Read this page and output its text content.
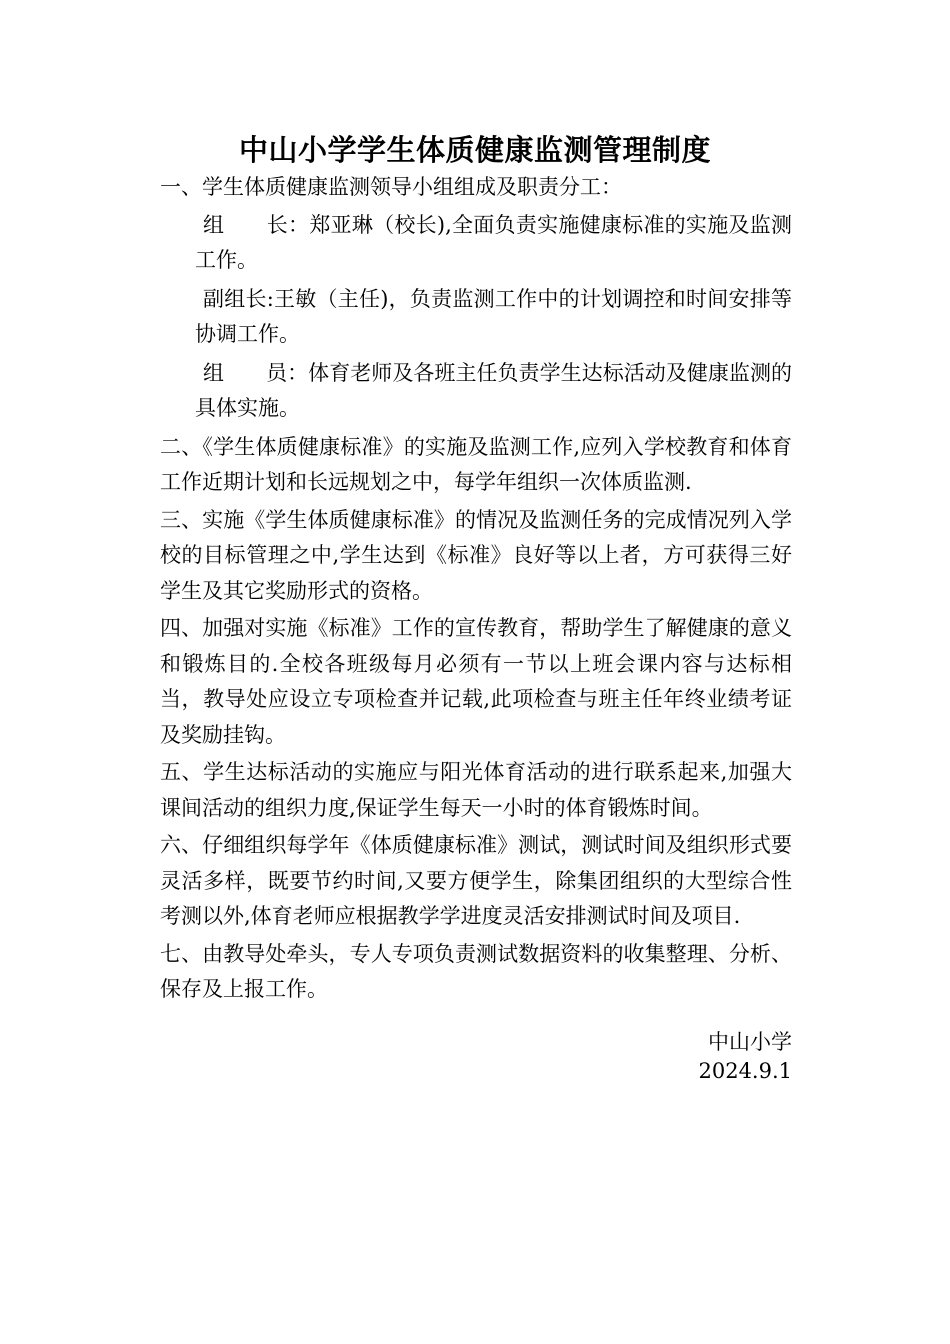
中山小学学生体质健康监测管理制度

一、学生体质健康监测领导小组组成及职责分工：

组　　长：郑亚琳（校长),全面负责实施健康标准的实施及监测工作。

副组长:王敏（主任)，负责监测工作中的计划调控和时间安排等协调工作。

组　　员：体育老师及各班主任负责学生达标活动及健康监测的具体实施。

二、《学生体质健康标准》的实施及监测工作,应列入学校教育和体育工作近期计划和长远规划之中，每学年组织一次体质监测.

三、实施《学生体质健康标准》的情况及监测任务的完成情况列入学校的目标管理之中,学生达到《标准》良好等以上者，方可获得三好学生及其它奖励形式的资格。

四、加强对实施《标准》工作的宣传教育，帮助学生了解健康的意义和锻炼目的.全校各班级每月必须有一节以上班会课内容与达标相当，教导处应设立专项检查并记载,此项检查与班主任年终业绩考证及奖励挂钩。

五、学生达标活动的实施应与阳光体育活动的进行联系起来,加强大课间活动的组织力度,保证学生每天一小时的体育锻炼时间。

六、仔细组织每学年《体质健康标准》测试，测试时间及组织形式要灵活多样，既要节约时间,又要方便学生，除集团组织的大型综合性考测以外,体育老师应根据教学学进度灵活安排测试时间及项目.

七、由教导处牵头，专人专项负责测试数据资料的收集整理、分析、保存及上报工作。

中山小学
2024.9.1
